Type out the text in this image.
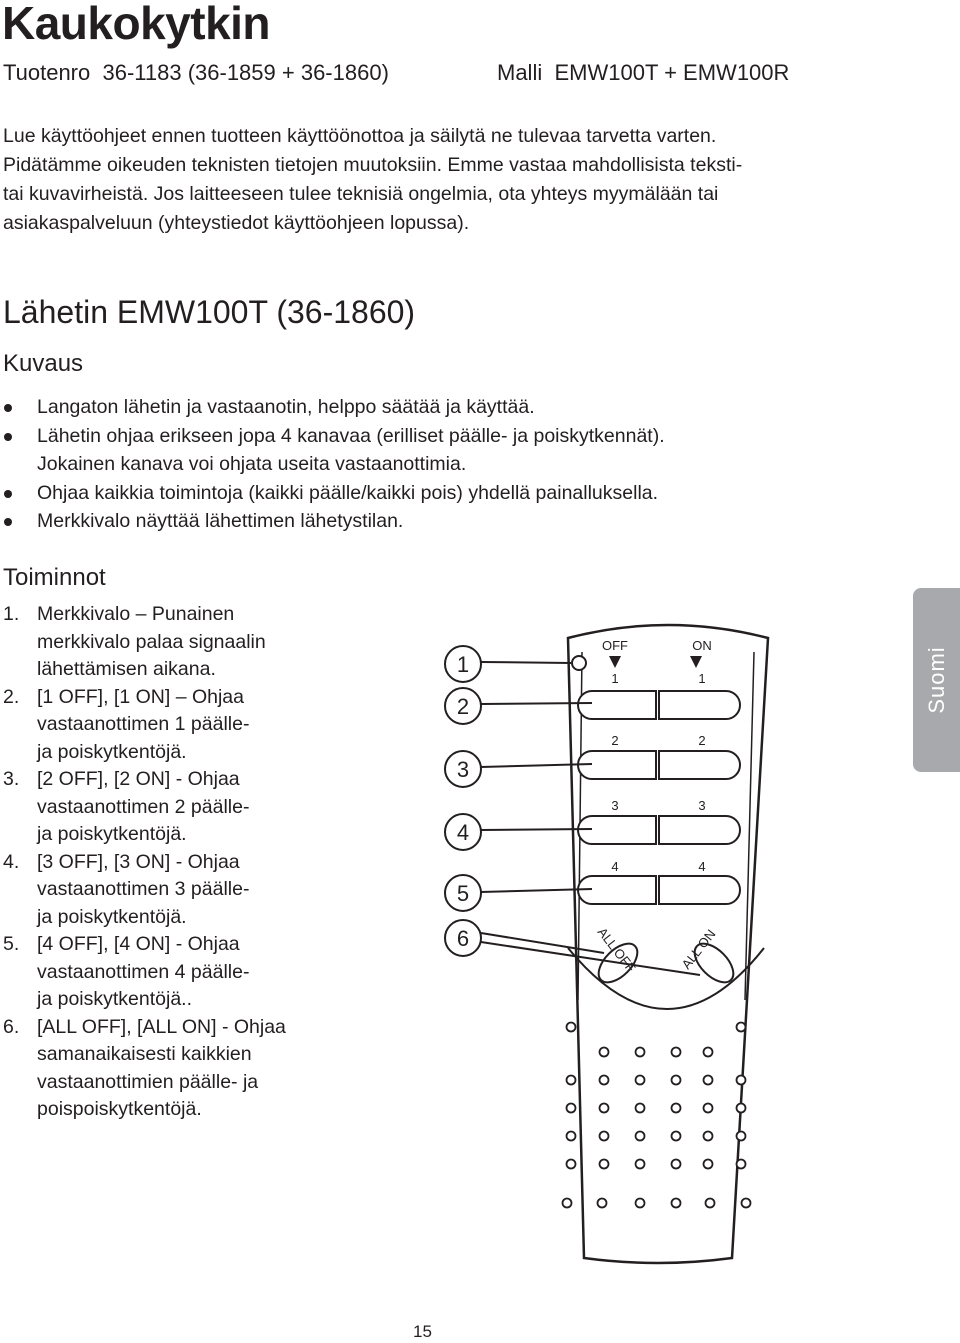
Kaukokytkin
Tuotenro 36-1183 (36-1859 + 36-1860)	Malli EMW100T + EMW100R

Lue käyttöohjeet ennen tuotteen käyttöönottoa ja säilytä ne tulevaa tarvetta varten.
Pidätämme oikeuden teknisten tietojen muutoksiin. Emme vastaa mahdollisista teksti-
tai kuvavirheistä. Jos laitteeseen tulee teknisiä ongelmia, ota yhteys myymälään tai
asiakaspalveluun (yhteystiedot käyttöohjeen lopussa).

Lähetin EMW100T (36-1860)
Kuvaus
Langaton lähetin ja vastaanotin, helppo säätää ja käyttää.
Lähetin ohjaa erikseen jopa 4 kanavaa (erilliset päälle- ja poiskytkennät).
Jokainen kanava voi ohjata useita vastaanottimia.
Ohjaa kaikkia toimintoja (kaikki päälle/kaikki pois) yhdellä painalluksella.
Merkkivalo näyttää lähettimen lähetystilan.
Toiminnot
1. Merkkivalo – Punainen
merkkivalo palaa signaalin
lähettämisen aikana.
2. [1 OFF], [1 ON] – Ohjaa
vastaanottimen 1 päälle-
ja poiskytkentöjä.
3. [2 OFF], [2 ON] - Ohjaa
vastaanottimen 2 päälle-
ja poiskytkentöjä.
4. [3 OFF], [3 ON] - Ohjaa
vastaanottimen 3 päälle-
ja poiskytkentöjä.
5. [4 OFF], [4 ON] - Ohjaa
vastaanottimen 4 päälle-
ja poiskytkentöjä..
6. [ALL OFF], [ALL ON] - Ohjaa
samanaikaisesti kaikkien
vastaanottimien päälle- ja
poispoiskytkentöjä.
OFF	ON
1	1
2	2
3	3
4	4
ALL OFF	ALL ON
1
2
3
4
5
6
Suomi
15
